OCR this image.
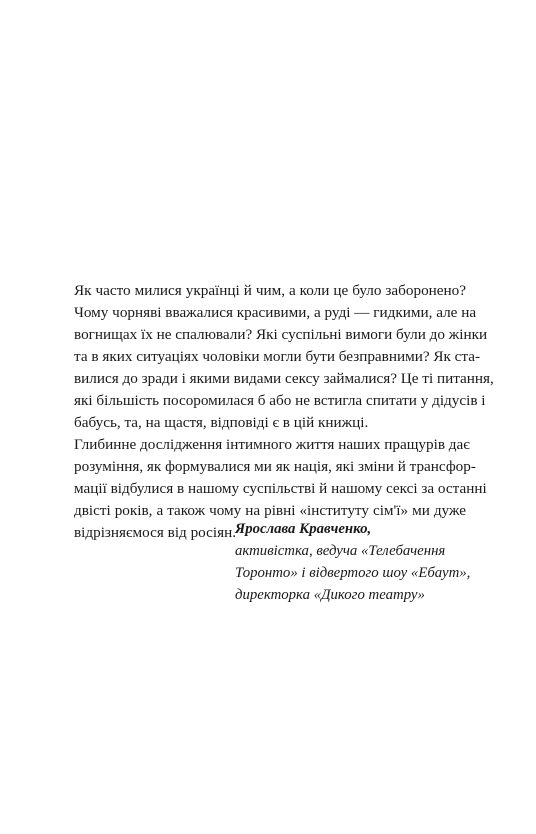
Як часто милися українці й чим, а коли це було заборонено?
Чому чорняві вважалися красивими, а руді — гидкими, але на
вогнищах їх не спалювали? Які суспільні вимоги були до жінки
та в яких ситуаціях чоловіки могли бути безправними? Як ста-
вилися до зради і якими видами сексу займалися? Це ті питання,
які більшість посоромилася б або не встигла спитати у дідусів і
бабусь, та, на щастя, відповіді є в цій книжці.
Глибинне дослідження інтимного життя наших пращурів дає
розуміння, як формувалися ми як нація, які зміни й трансфор-
мації відбулися в нашому суспільстві й нашому сексі за останні
двісті років, а також чому на рівні «інституту сім'ї» ми дуже
відрізняємося від росіян.
Ярослава Кравченко,
активістка, ведуча «Телебачення
Торонто» і відвертого шоу «Ебаут»,
директорка «Дикого театру»
